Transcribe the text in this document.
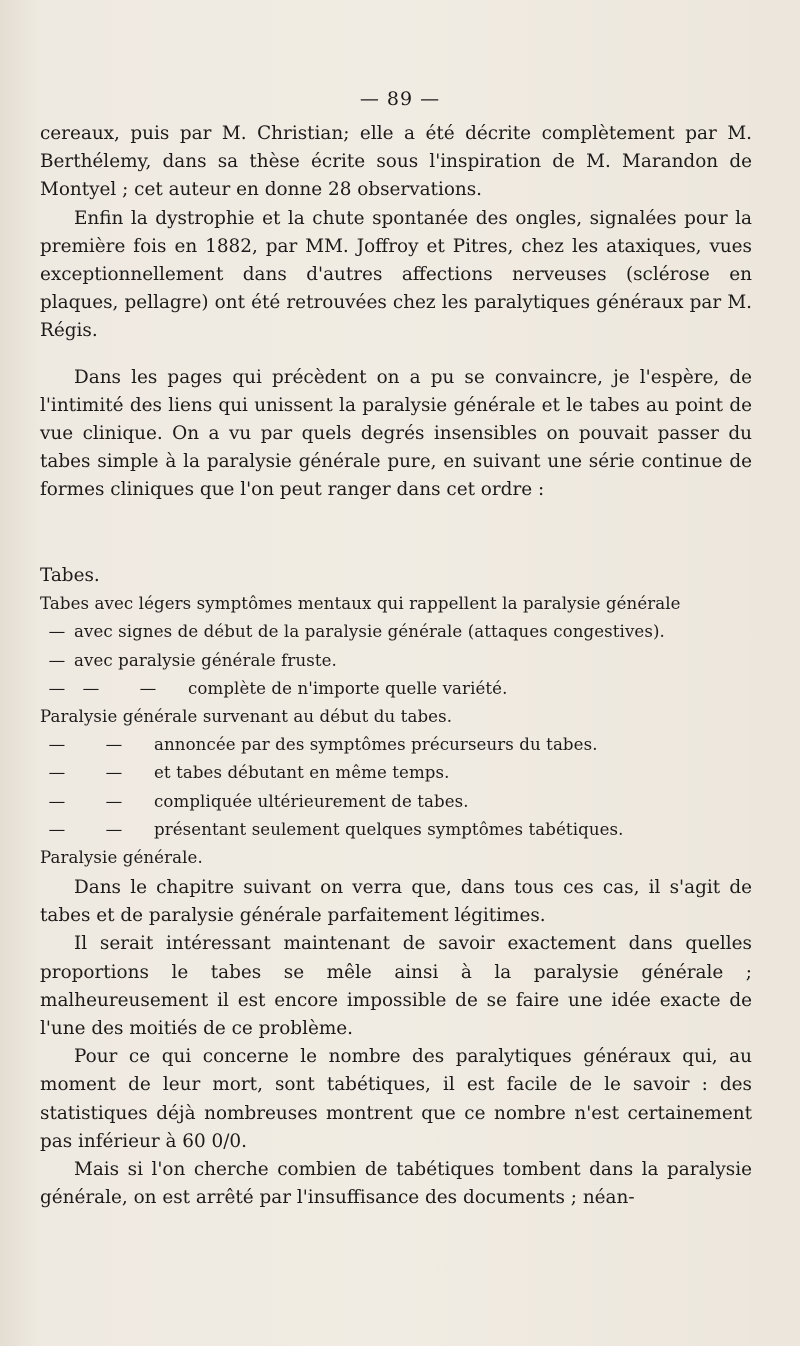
— 89 —

cereaux, puis par M. Christian; elle a été décrite complètement par M. Berthélemy, dans sa thèse écrite sous l'inspiration de M. Marandon de Montyel ; cet auteur en donne 28 observations.

Enfin la dystrophie et la chute spontanée des ongles, signalées pour la première fois en 1882, par MM. Joffroy et Pitres, chez les ataxiques, vues exceptionnellement dans d'autres affections nerveuses (sclérose en plaques, pellagre) ont été retrouvées chez les paralytiques généraux par M. Régis.

Dans les pages qui précèdent on a pu se convaincre, je l'espère, de l'intimité des liens qui unissent la paralysie générale et le tabes au point de vue clinique. On a vu par quels degrés insensibles on pouvait passer du tabes simple à la paralysie générale pure, en suivant une série continue de formes cliniques que l'on peut ranger dans cet ordre :

Tabes.
Tabes avec légers symptômes mentaux qui rappellent la paralysie générale
— avec signes de début de la paralysie générale (attaques congestives).
— avec paralysie générale fruste.
— — — complète de n'importe quelle variété.
Paralysie générale survenant au début du tabes.
— — annoncée par des symptômes précurseurs du tabes.
— — et tabes débutant en même temps.
— — compliquée ultérieurement de tabes.
— — présentant seulement quelques symptômes tabétiques.
Paralysie générale.

Dans le chapitre suivant on verra que, dans tous ces cas, il s'agit de tabes et de paralysie générale parfaitement légitimes.

Il serait intéressant maintenant de savoir exactement dans quelles proportions le tabes se mêle ainsi à la paralysie générale ; malheureusement il est encore impossible de se faire une idée exacte de l'une des moitiés de ce problème.

Pour ce qui concerne le nombre des paralytiques généraux qui, au moment de leur mort, sont tabétiques, il est facile de le savoir : des statistiques déjà nombreuses montrent que ce nombre n'est certainement pas inférieur à 60 0/0.

Mais si l'on cherche combien de tabétiques tombent dans la paralysie générale, on est arrêté par l'insuffisance des documents ; néan-
